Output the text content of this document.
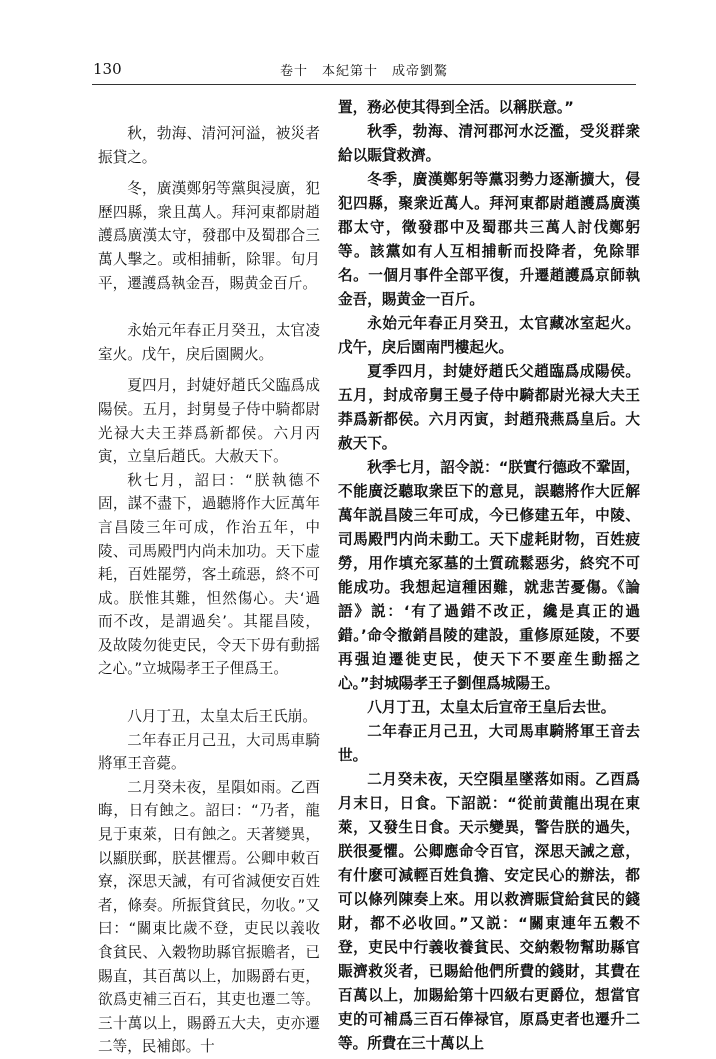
130	卷十　本紀第十　成帝劉驁

秋，勃海、清河河溢，被災者振貸之。

冬，廣漢鄭躬等黨與浸廣，犯歷四縣，衆且萬人。拜河東都尉趙護爲廣漢太守，發郡中及蜀郡合三萬人擊之。或相捕斬，除罪。旬月平，遷護爲執金吾，賜黄金百斤。

永始元年春正月癸丑，太官凌室火。戊午，戾后園闕火。

夏四月，封婕妤趙氏父臨爲成陽侯。五月，封舅曼子侍中騎都尉光禄大夫王莽爲新都侯。六月丙寅，立皇后趙氏。大赦天下。

秋七月，詔曰：“朕執德不固，謀不盡下，過聽將作大匠萬年言昌陵三年可成，作治五年，中陵、司馬殿門内尚未加功。天下虚耗，百姓罷勞，客土疏惡，終不可成。朕惟其難，怛然傷心。夫‘過而不改，是謂過矣’。其罷昌陵，及故陵勿徙吏民，令天下毋有動摇之心。”立城陽孝王子俚爲王。

八月丁丑，太皇太后王氏崩。

二年春正月己丑，大司馬車騎將軍王音薨。

二月癸未夜，星隕如雨。乙酉晦，日有蝕之。詔曰：“乃者，龍見于東萊，日有蝕之。天著變異，以顯朕郵，朕甚懼焉。公卿申敕百寮，深思天誡，有可省減便安百姓者，條奏。所振貸貧民，勿收。”又曰：“關東比歲不登，吏民以義收食貧民、入穀物助縣官振贍者，已賜直，其百萬以上，加賜爵右更，欲爲吏補三百石，其吏也遷二等。三十萬以上，賜爵五大夫，吏亦遷二等，民補郎。十

置，務必使其得到全活。以稱朕意。”

秋季，勃海、清河郡河水泛濫，受災群衆給以賑貸救濟。

冬季，廣漢鄭躬等黨羽勢力逐漸擴大，侵犯四縣，聚衆近萬人。拜河東都尉趙護爲廣漢郡太守，徵發郡中及蜀郡共三萬人討伐鄭躬等。該黨如有人互相捕斬而投降者，免除罪名。一個月事件全部平復，升遷趙護爲京師執金吾，賜黄金一百斤。

永始元年春正月癸丑，太官藏冰室起火。戊午，戾后園南門樓起火。

夏季四月，封婕妤趙氏父趙臨爲成陽侯。五月，封成帝舅王曼子侍中騎都尉光禄大夫王莽爲新都侯。六月丙寅，封趙飛燕爲皇后。大赦天下。

秋季七月，詔令説：“朕實行德政不鞏固，不能廣泛聽取衆臣下的意見，誤聽將作大匠解萬年説昌陵三年可成，今已修建五年，中陵、司馬殿門内尚未動工。天下虚耗財物，百姓疲勞，用作填充冢墓的土質疏鬆惡劣，終究不可能成功。我想起這種困難，就悲苦憂傷。《論語》説：‘有了過錯不改正，纔是真正的過錯。’命令撤銷昌陵的建設，重修原延陵，不要再强迫遷徙吏民，使天下不要産生動摇之心。”封城陽孝王子劉俚爲城陽王。

八月丁丑，太皇太后宣帝王皇后去世。

二年春正月己丑，大司馬車騎將軍王音去世。

二月癸未夜，天空隕星墜落如雨。乙酉爲月末日，日食。下詔説：“從前黄龍出現在東萊，又發生日食。天示變異，警告朕的過失，朕很憂懼。公卿應命令百官，深思天誡之意，有什麽可減輕百姓負擔、安定民心的辦法，都可以條列陳奏上來。用以救濟賑貸給貧民的錢財，都不必收回。”又説：“關東連年五穀不登，吏民中行義收養貧民、交納穀物幫助縣官賑濟救災者，已賜給他們所費的錢財，其費在百萬以上，加賜給第十四級右更爵位，想當官吏的可補爲三百石俸禄官，原爲吏者也遷升二等。所費在三十萬以上
